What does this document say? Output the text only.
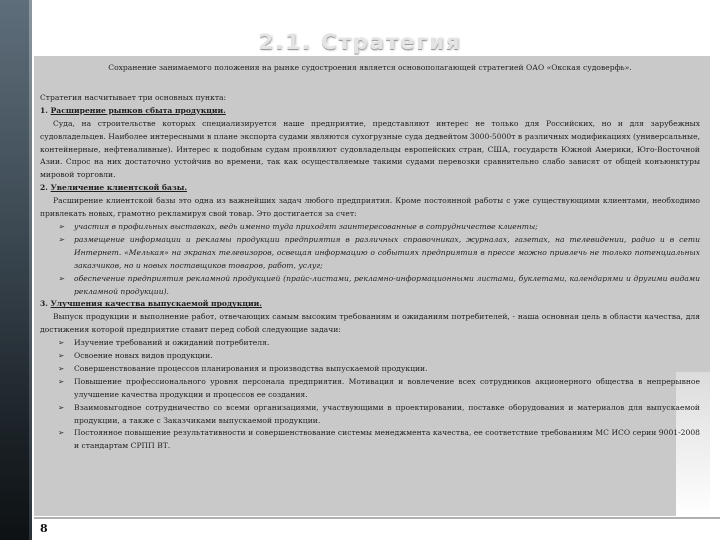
2.1. Стратегия

Сохранение занимаемого положения на рынке судостроения является основополагающей стратегией ОАО «Окская судоверфь».

Стратегия насчитывает три основных пункта:

1. Расширение рынков сбыта продукции.

Суда, на строительстве которых специализируется наше предприятие, представляют интерес не только для Российских, но и для зарубежных судовладельцев. Наиболее интересными в плане экспорта судами являются сухогрузные суда дедвейтом 3000-5000т в различных модификациях (универсальные, контейнерные, нефтеналивные). Интерес к подобным судам проявляют судовладельцы европейских стран, США, государств Южной Америки, Юго-Восточной Азии. Спрос на них достаточно устойчив во времени, так как осуществляемые такими судами перевозки сравнительно слабо зависят от общей конъюнктуры мировой торговли.

2. Увеличение клиентской базы.

Расширение клиентской базы это одна из важнейших задач любого предприятия. Кроме постоянной работы с уже существующими клиентами, необходимо привлекать новых, грамотно рекламируя свой товар. Это достигается за счет:

➢ участия в профильных выставках, ведь именно туда приходят заинтересованные в сотрудничестве клиенты;

➢ размещение информации и рекламы продукции предприятия в различных справочниках, журналах, газетах, на телевидении, радио и в сети Интернет. «Мелькая» на экранах телевизоров, освещая информацию о событиях предприятия в прессе можно привлечь не только потенциальных заказчиков, но и новых поставщиков товаров, работ, услуг;

➢ обеспечение предприятия рекламной продукцией (прайс-листами, рекламно-информационными листами, буклетами, календарями и другими видами рекламной продукции).

3. Улучшения качества выпускаемой продукции.

Выпуск продукции и выполнение работ, отвечающих самым высоким требованиям и ожиданиям потребителей, - наша основная цель в области качества, для достижения которой предприятие ставит перед собой следующие задачи:

➢ Изучение требований и ожиданий потребителя.

➢ Освоение новых видов продукции.

➢ Совершенствование процессов планирования и производства выпускаемой продукции.

➢ Повышение профессионального уровня персонала предприятия. Мотивация и вовлечение всех сотрудников акционерного общества в непрерывное улучшение качества продукции и процессов ее создания.

➢ Взаимовыгодное сотрудничество со всеми организациями, участвующими в проектировании, поставке оборудования и материалов для выпускаемой продукции, а также с Заказчиками выпускаемой продукции.

➢ Постоянное повышение результативности и совершенствование системы менеджмента качества, ее соответствие требованиям МС ИСО серии 9001-2008 и стандартам СРПП ВТ.

8
